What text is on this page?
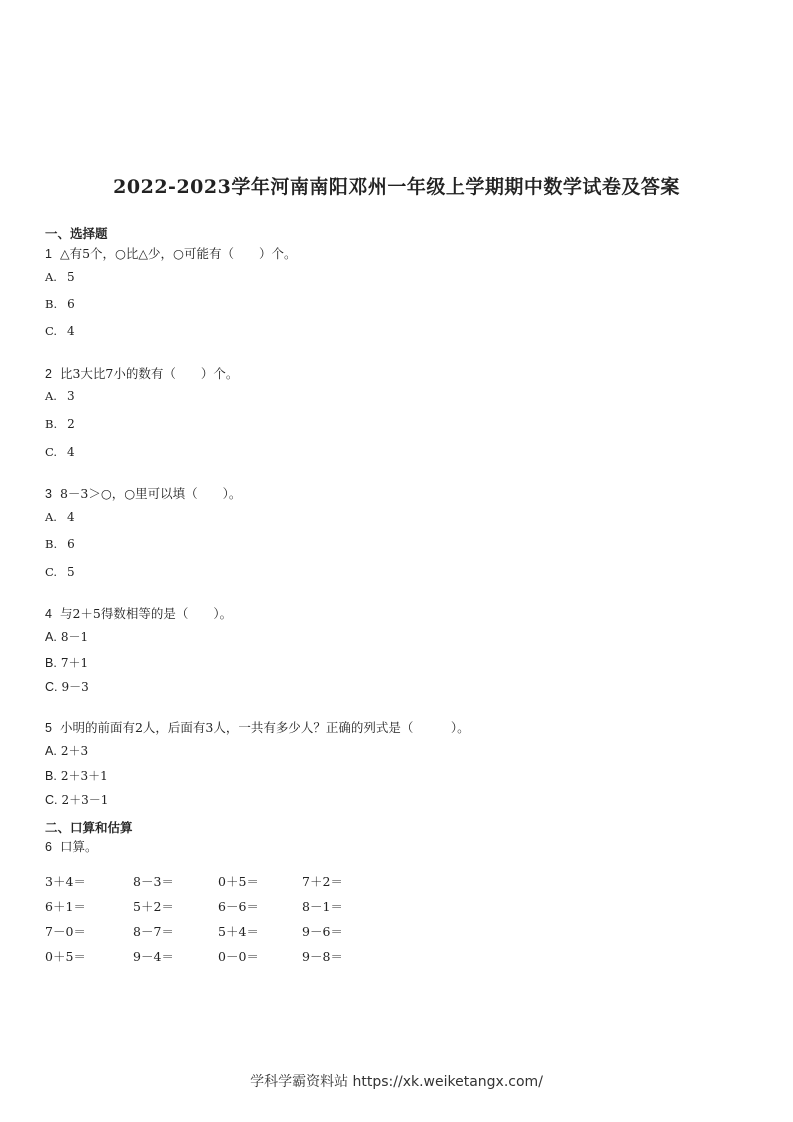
2022-2023学年河南南阳邓州一年级上学期期中数学试卷及答案
一、选择题
1 △有5个，○比△少，○可能有（　　）个。
A. 5
B. 6
C. 4
2 比3大比7小的数有（　　）个。
A. 3
B. 2
C. 4
3 8－3＞○，○里可以填（　　）。
A. 4
B. 6
C. 5
4 与2＋5得数相等的是（　　）。
A. 8－1
B. 7＋1
C. 9－3
5 小明的前面有2人，后面有3人，一共有多少人？正确的列式是（　　　）。
A. 2＋3
B. 2＋3＋1
C. 2＋3－1
二、口算和估算
6 口算。
3＋4＝	8－3＝	0＋5＝	7＋2＝
6＋1＝	5＋2＝	6－6＝	8－1＝
7－0＝	8－7＝	5＋4＝	9－6＝
0＋5＝	9－4＝	0－0＝	9－8＝
学科学霸资料站 https://xk.weiketangx.com/
